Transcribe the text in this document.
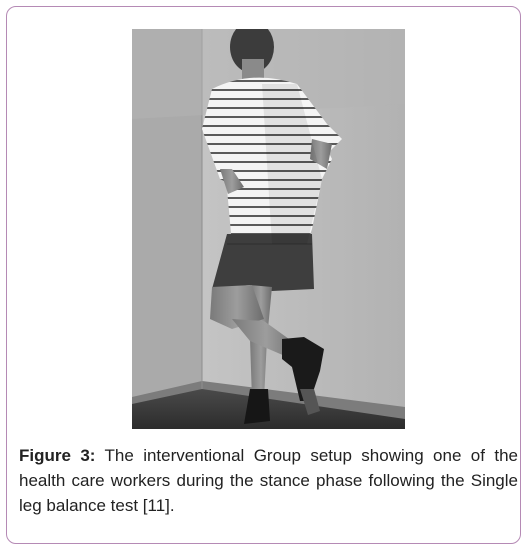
Figure 3: The interventional Group setup showing one of the health care workers during the stance phase following the Single leg balance test [11].
